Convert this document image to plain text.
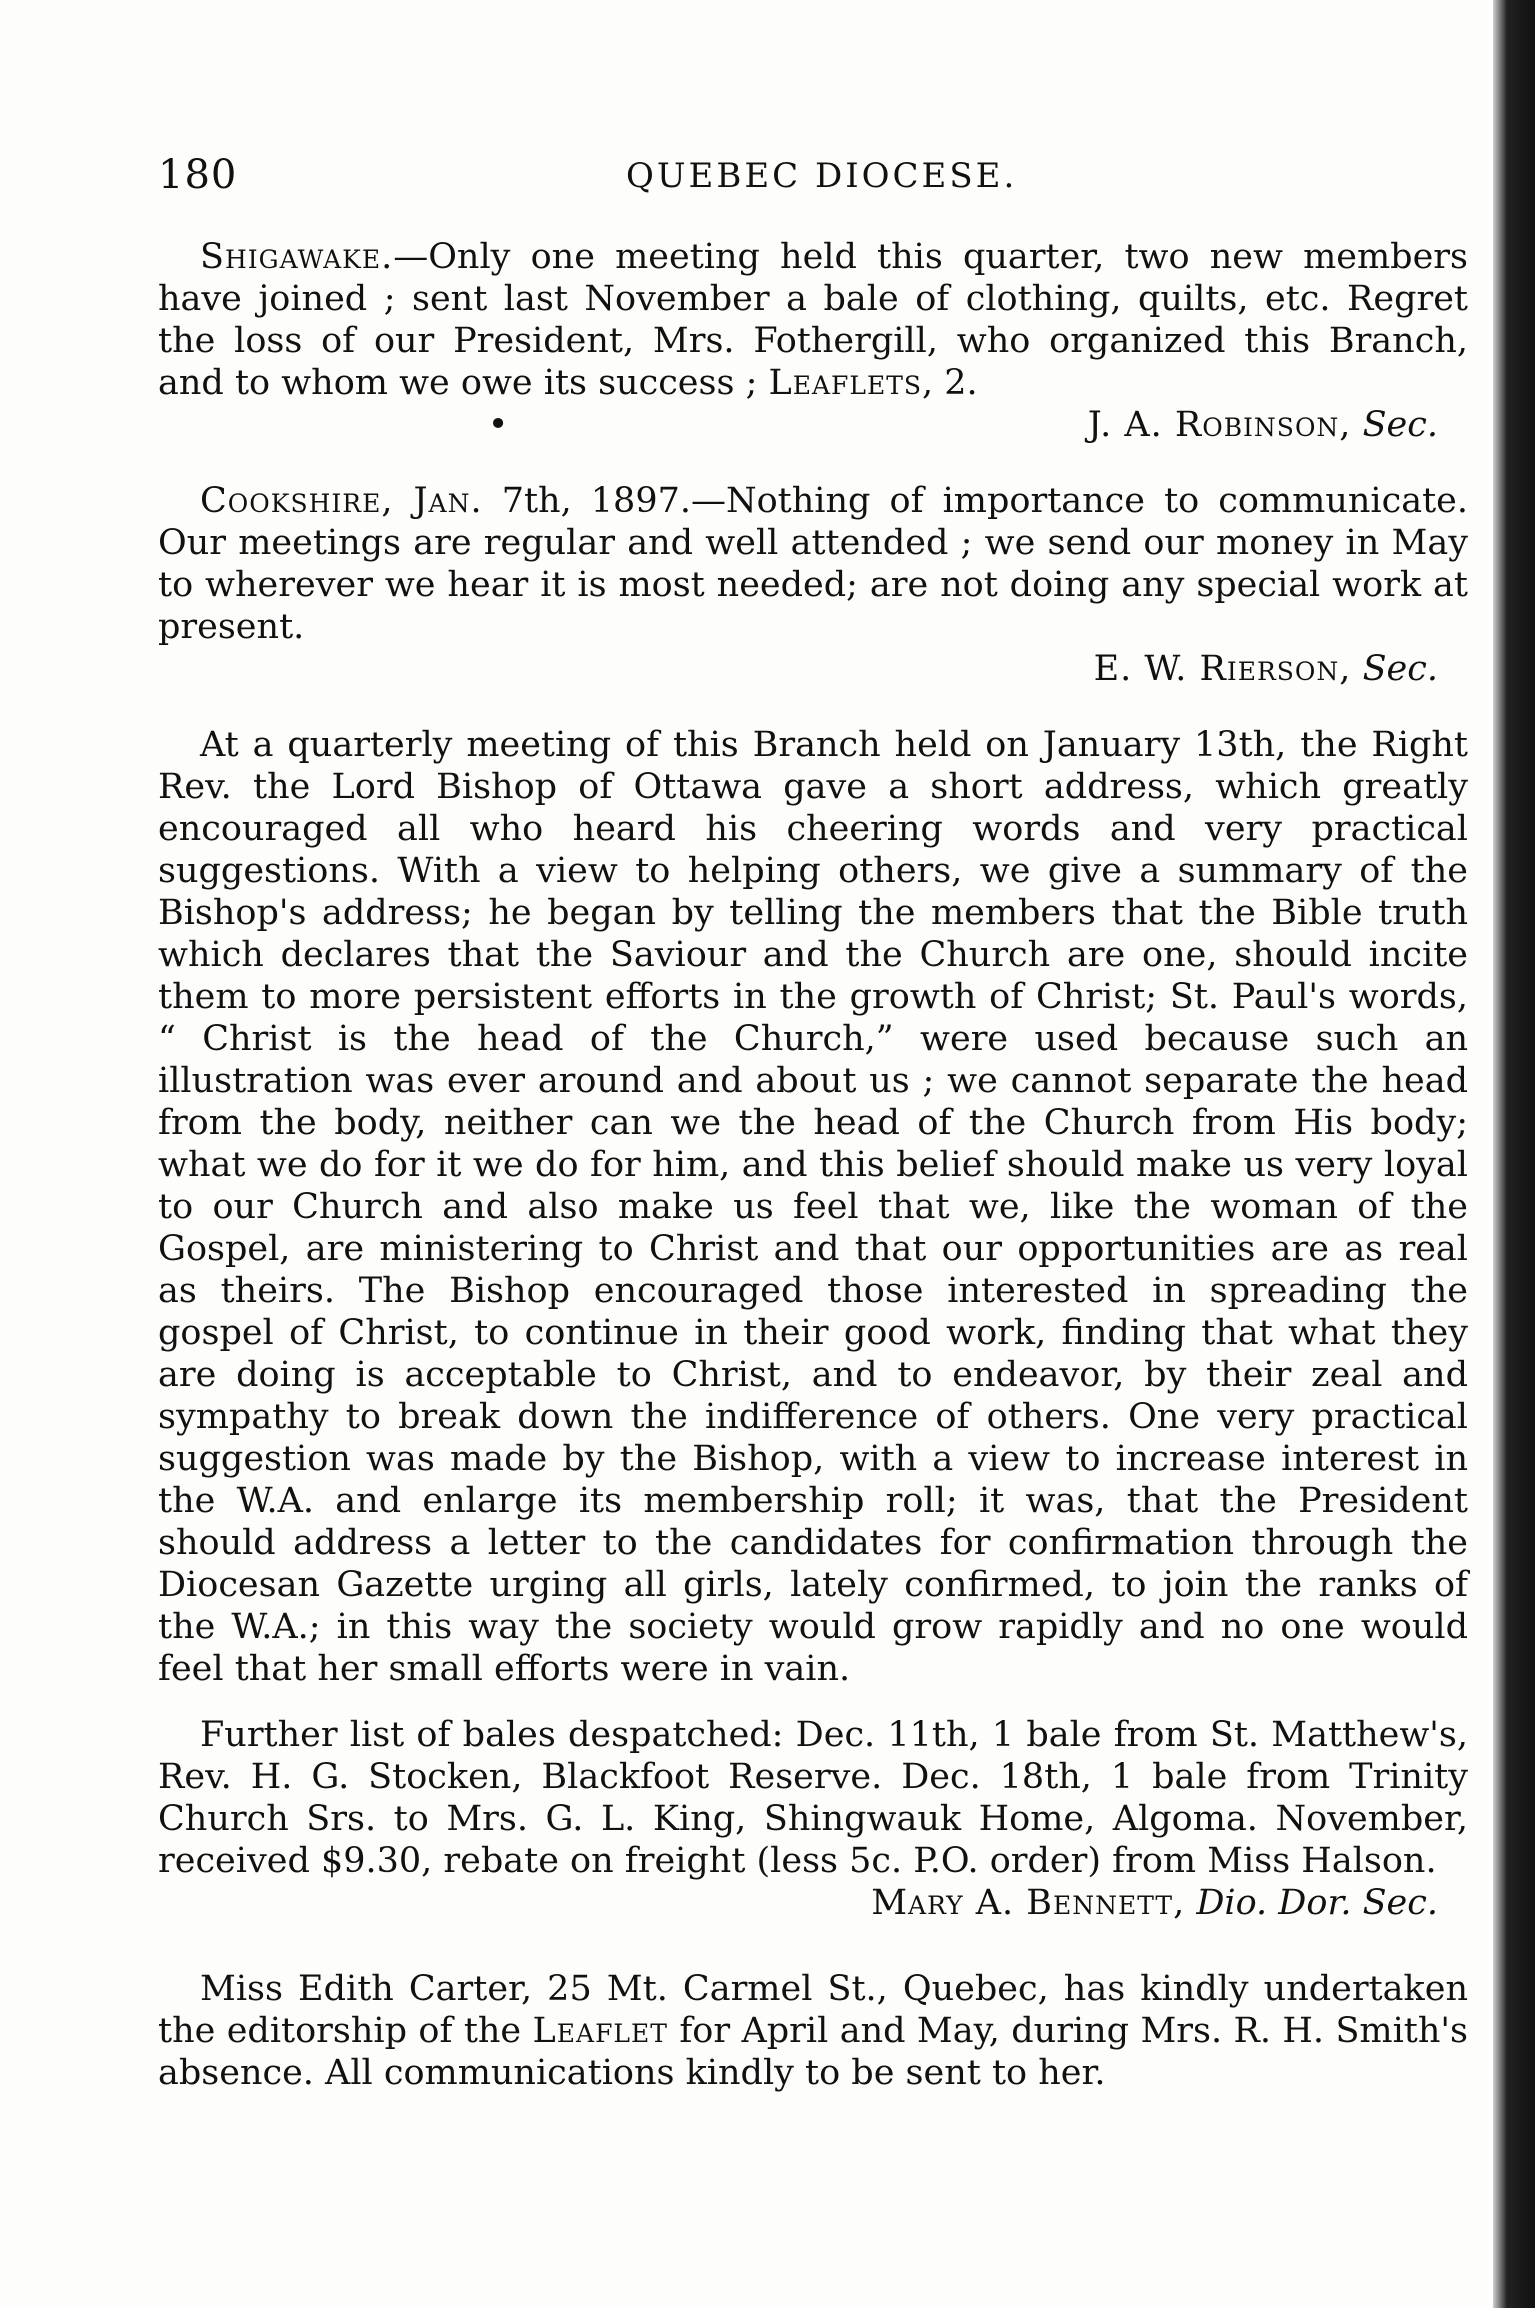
180	QUEBEC DIOCESE.

Shigawake.—Only one meeting held this quarter, two new members have joined ; sent last November a bale of clothing, quilts, etc. Regret the loss of our President, Mrs. Fothergill, who organized this Branch, and to whom we owe its success ; Leaflets, 2.

•	J. A. Robinson, Sec.

Cookshire, Jan. 7th, 1897.—Nothing of importance to communicate. Our meetings are regular and well attended ; we send our money in May to wherever we hear it is most needed; are not doing any special work at present.

E. W. Rierson, Sec.

At a quarterly meeting of this Branch held on January 13th, the Right Rev. the Lord Bishop of Ottawa gave a short address, which greatly encouraged all who heard his cheering words and very practical suggestions. With a view to helping others, we give a summary of the Bishop's address; he began by telling the members that the Bible truth which declares that the Saviour and the Church are one, should incite them to more persistent efforts in the growth of Christ; St. Paul's words, “ Christ is the head of the Church,” were used because such an illustration was ever around and about us ; we cannot separate the head from the body, neither can we the head of the Church from His body; what we do for it we do for him, and this belief should make us very loyal to our Church and also make us feel that we, like the woman of the Gospel, are ministering to Christ and that our opportunities are as real as theirs. The Bishop encouraged those interested in spreading the gospel of Christ, to continue in their good work, finding that what they are doing is acceptable to Christ, and to endeavor, by their zeal and sympathy to break down the indifference of others. One very practical suggestion was made by the Bishop, with a view to increase interest in the W.A. and enlarge its membership roll; it was, that the President should address a letter to the candidates for confirmation through the Diocesan Gazette urging all girls, lately confirmed, to join the ranks of the W.A.; in this way the society would grow rapidly and no one would feel that her small efforts were in vain.

Further list of bales despatched: Dec. 11th, 1 bale from St. Matthew's, Rev. H. G. Stocken, Blackfoot Reserve. Dec. 18th, 1 bale from Trinity Church Srs. to Mrs. G. L. King, Shingwauk Home, Algoma. November, received $9.30, rebate on freight (less 5c. P.O. order) from Miss Halson.

Mary A. Bennett, Dio. Dor. Sec.

Miss Edith Carter, 25 Mt. Carmel St., Quebec, has kindly undertaken the editorship of the Leaflet for April and May, during Mrs. R. H. Smith's absence. All communications kindly to be sent to her.
